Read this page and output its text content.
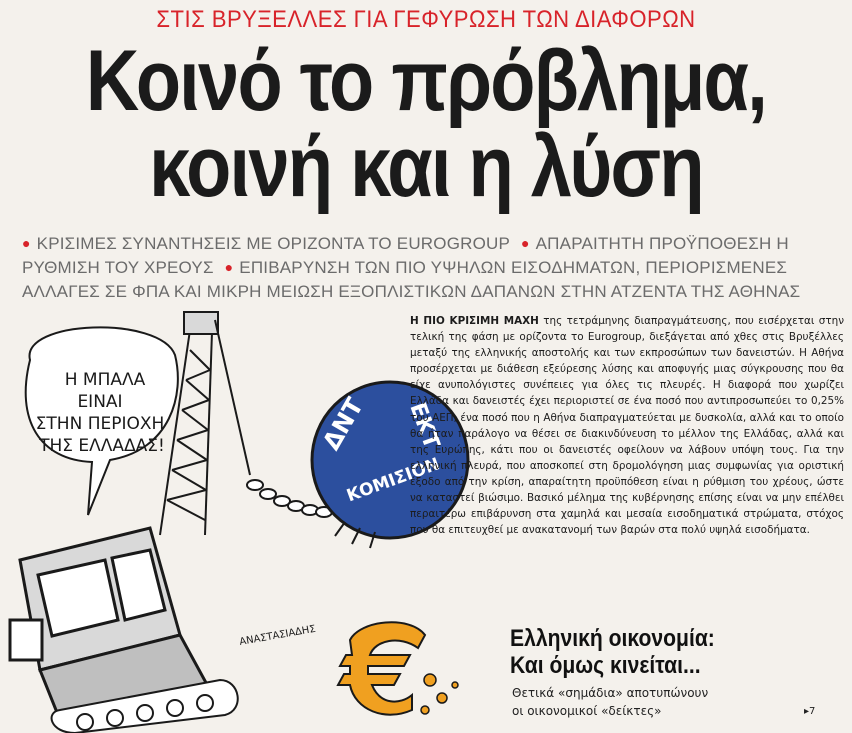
ΣΤΙΣ ΒΡΥΞΕΛΛΕΣ ΓΙΑ ΓΕΦΥΡΩΣΗ ΤΩΝ ΔΙΑΦΟΡΩΝ
Κοινό το πρόβλημα,
κοινή και η λύση
● ΚΡΙΣΙΜΕΣ ΣΥΝΑΝΤΗΣΕΙΣ ΜΕ ΟΡΙΖΟΝΤΑ ΤΟ EUROGROUP ● ΑΠΑΡΑΙΤΗΤΗ ΠΡΟΫΠΟΘΕΣΗ Η ΡΥΘΜΙΣΗ ΤΟΥ ΧΡΕΟΥΣ ● ΕΠΙΒΑΡΥΝΣΗ ΤΩΝ ΠΙΟ ΥΨΗΛΩΝ ΕΙΣΟΔΗΜΑΤΩΝ, ΠΕΡΙΟΡΙΣΜΕΝΕΣ ΑΛΛΑΓΕΣ ΣΕ ΦΠΑ ΚΑΙ ΜΙΚΡΗ ΜΕΙΩΣΗ ΕΞΟΠΛΙΣΤΙΚΩΝ ΔΑΠΑΝΩΝ ΣΤΗΝ ΑΤΖΕΝΤΑ ΤΗΣ ΑΘΗΝΑΣ
Η ΜΠΑΛΑ
ΕΙΝΑΙ
ΣΤΗΝ ΠΕΡΙΟΧΗ
ΤΗΣ ΕΛΛΑΔΑΣ!	ΕΚΤ
ΔΝΤ
ΚΟΜΙΣΙΟΝ
ΑΝΑΣΤΑΣΙΑΔΗΣ
Η ΠΙΟ ΚΡΙΣΙΜΗ ΜΑΧΗ της τετράμηνης διαπραγμάτευσης, που εισέρχεται στην τελική της φάση με ορίζοντα το Eurogroup, διεξάγεται από χθες στις Βρυξέλλες μεταξύ της ελληνικής αποστολής και των εκπροσώπων των δανειστών. Η Αθήνα προσέρχεται με διάθεση εξεύρεσης λύσης και αποφυγής μιας σύγκρουσης που θα είχε ανυπολόγιστες συνέπειες για όλες τις πλευρές. Η διαφορά που χωρίζει Ελλάδα και δανειστές έχει περιοριστεί σε ένα ποσό που αντιπροσωπεύει το 0,25% του ΑΕΠ, ένα ποσό που η Αθήνα διαπραγματεύεται με δυσκολία, αλλά και το οποίο θα ήταν παράλογο να θέσει σε διακινδύνευση το μέλλον της Ελλάδας, αλλά και της Ευρώπης, κάτι που οι δανειστές οφείλουν να λάβουν υπόψη τους. Για την ελληνική πλευρά, που αποσκοπεί στη δρομολόγηση μιας συμφωνίας για οριστική έξοδο από την κρίση, απαραίτητη προϋπόθεση είναι η ρύθμιση του χρέους, ώστε να καταστεί βιώσιμο. Βασικό μέλημα της κυβέρνησης επίσης είναι να μην επέλθει περαιτέρω επιβάρυνση στα χαμηλά και μεσαία εισοδηματικά στρώματα, στόχος που θα επιτευχθεί με ανακατανομή των βαρών στα πολύ υψηλά εισοδήματα.
Ελληνική οικονομία:
Και όμως κινείται...
Θετικά «σημάδια» αποτυπώνουν
οι οικονομικοί «δείκτες»	▸7
